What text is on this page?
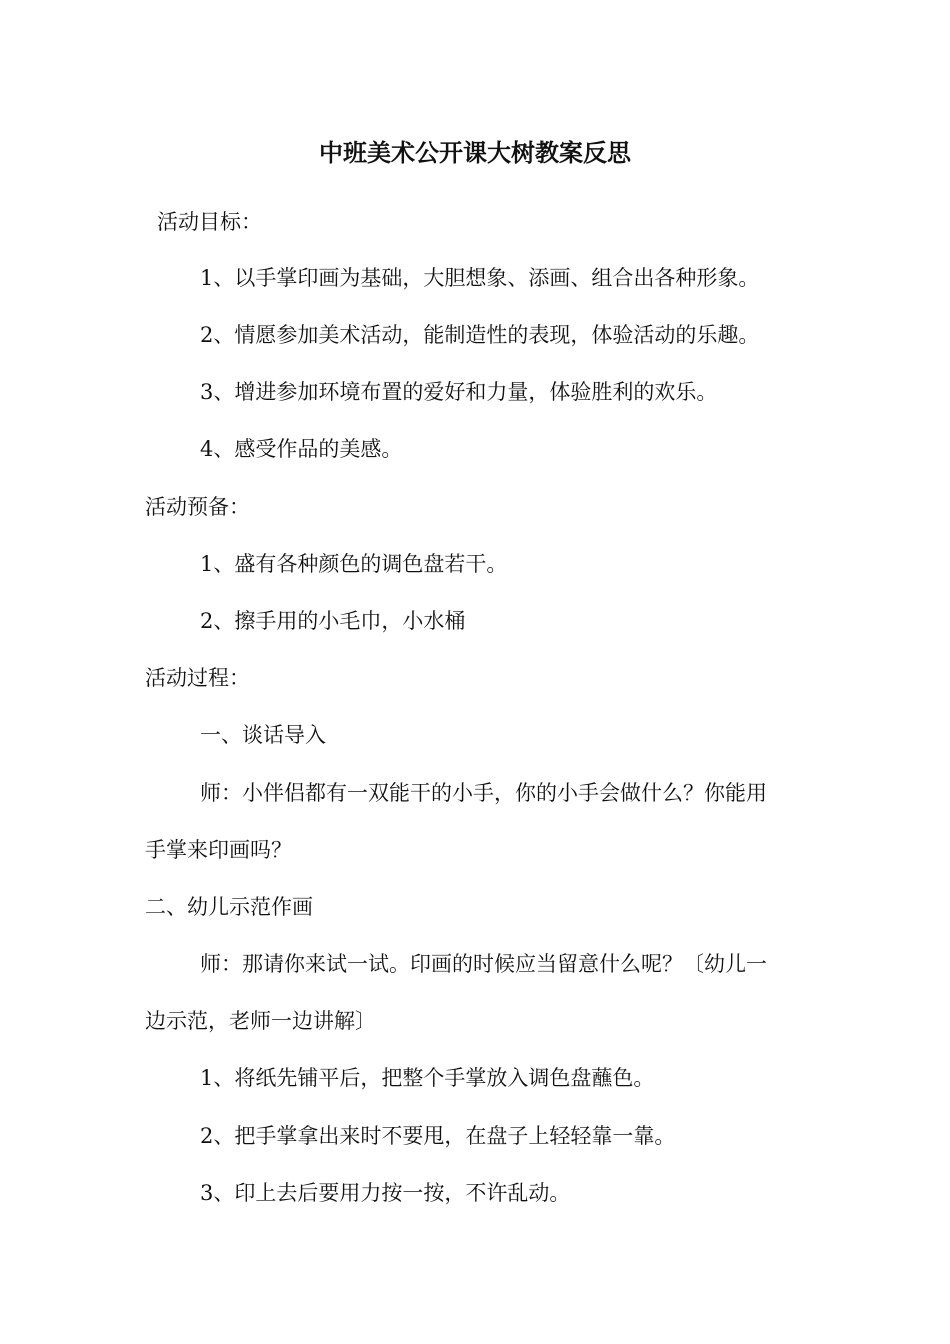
中班美术公开课大树教案反思
活动目标：
1、以手掌印画为基础，大胆想象、添画、组合出各种形象。
2、情愿参加美术活动，能制造性的表现，体验活动的乐趣。
3、增进参加环境布置的爱好和力量，体验胜利的欢乐。
4、感受作品的美感。
活动预备：
1、盛有各种颜色的调色盘若干。
2、擦手用的小毛巾，小水桶
活动过程：
一、谈话导入
师：小伴侣都有一双能干的小手，你的小手会做什么？你能用
手掌来印画吗？
二、幼儿示范作画
师：那请你来试一试。印画的时候应当留意什么呢？〔幼儿一
边示范，老师一边讲解〕
1、将纸先铺平后，把整个手掌放入调色盘蘸色。
2、把手掌拿出来时不要甩，在盘子上轻轻靠一靠。
3、印上去后要用力按一按，不许乱动。
